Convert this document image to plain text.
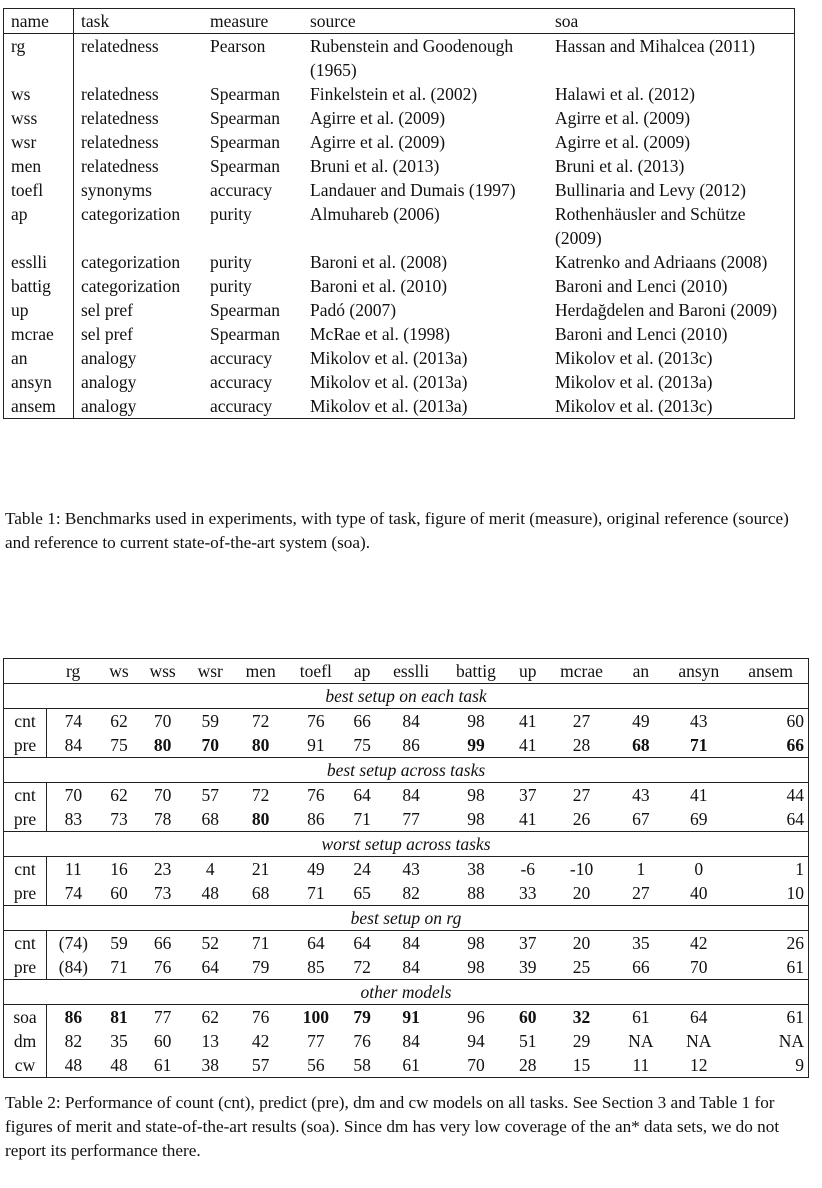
name	task	measure	source	soa
rg	relatedness	Pearson	Rubenstein and Goodenough (1965)	Hassan and Mihalcea (2011)
ws	relatedness	Spearman	Finkelstein et al. (2002)	Halawi et al. (2012)
wss	relatedness	Spearman	Agirre et al. (2009)	Agirre et al. (2009)
wsr	relatedness	Spearman	Agirre et al. (2009)	Agirre et al. (2009)
men	relatedness	Spearman	Bruni et al. (2013)	Bruni et al. (2013)
toefl	synonyms	accuracy	Landauer and Dumais (1997)	Bullinaria and Levy (2012)
ap	categorization	purity	Almuhareb (2006)	Rothenhäusler and Schütze (2009)
esslli	categorization	purity	Baroni et al. (2008)	Katrenko and Adriaans (2008)
battig	categorization	purity	Baroni et al. (2010)	Baroni and Lenci (2010)
up	sel pref	Spearman	Padó (2007)	Herdağdelen and Baroni (2009)
mcrae	sel pref	Spearman	McRae et al. (1998)	Baroni and Lenci (2010)
an	analogy	accuracy	Mikolov et al. (2013a)	Mikolov et al. (2013c)
ansyn	analogy	accuracy	Mikolov et al. (2013a)	Mikolov et al. (2013a)
ansem	analogy	accuracy	Mikolov et al. (2013a)	Mikolov et al. (2013c)
Table 1: Benchmarks used in experiments, with type of task, figure of merit (measure), original reference (source) and reference to current state-of-the-art system (soa).
	rg	ws	wss	wsr	men	toefl	ap	esslli	battig	up	mcrae	an	ansyn	ansem
best setup on each task														
cnt	74	62	70	59	72	76	66	84	98	41	27	49	43	60
pre	84	75	80	70	80	91	75	86	99	41	28	68	71	66
best setup across tasks														
cnt	70	62	70	57	72	76	64	84	98	37	27	43	41	44
pre	83	73	78	68	80	86	71	77	98	41	26	67	69	64
worst setup across tasks														
cnt	11	16	23	4	21	49	24	43	38	-6	-10	1	0	1
pre	74	60	73	48	68	71	65	82	88	33	20	27	40	10
best setup on rg														
cnt	(74)	59	66	52	71	64	64	84	98	37	20	35	42	26
pre	(84)	71	76	64	79	85	72	84	98	39	25	66	70	61
other models														
soa	86	81	77	62	76	100	79	91	96	60	32	61	64	61
dm	82	35	60	13	42	77	76	84	94	51	29	NA	NA	NA
cw	48	48	61	38	57	56	58	61	70	28	15	11	12	9
Table 2: Performance of count (cnt), predict (pre), dm and cw models on all tasks. See Section 3 and Table 1 for figures of merit and state-of-the-art results (soa). Since dm has very low coverage of the an* data sets, we do not report its performance there.
